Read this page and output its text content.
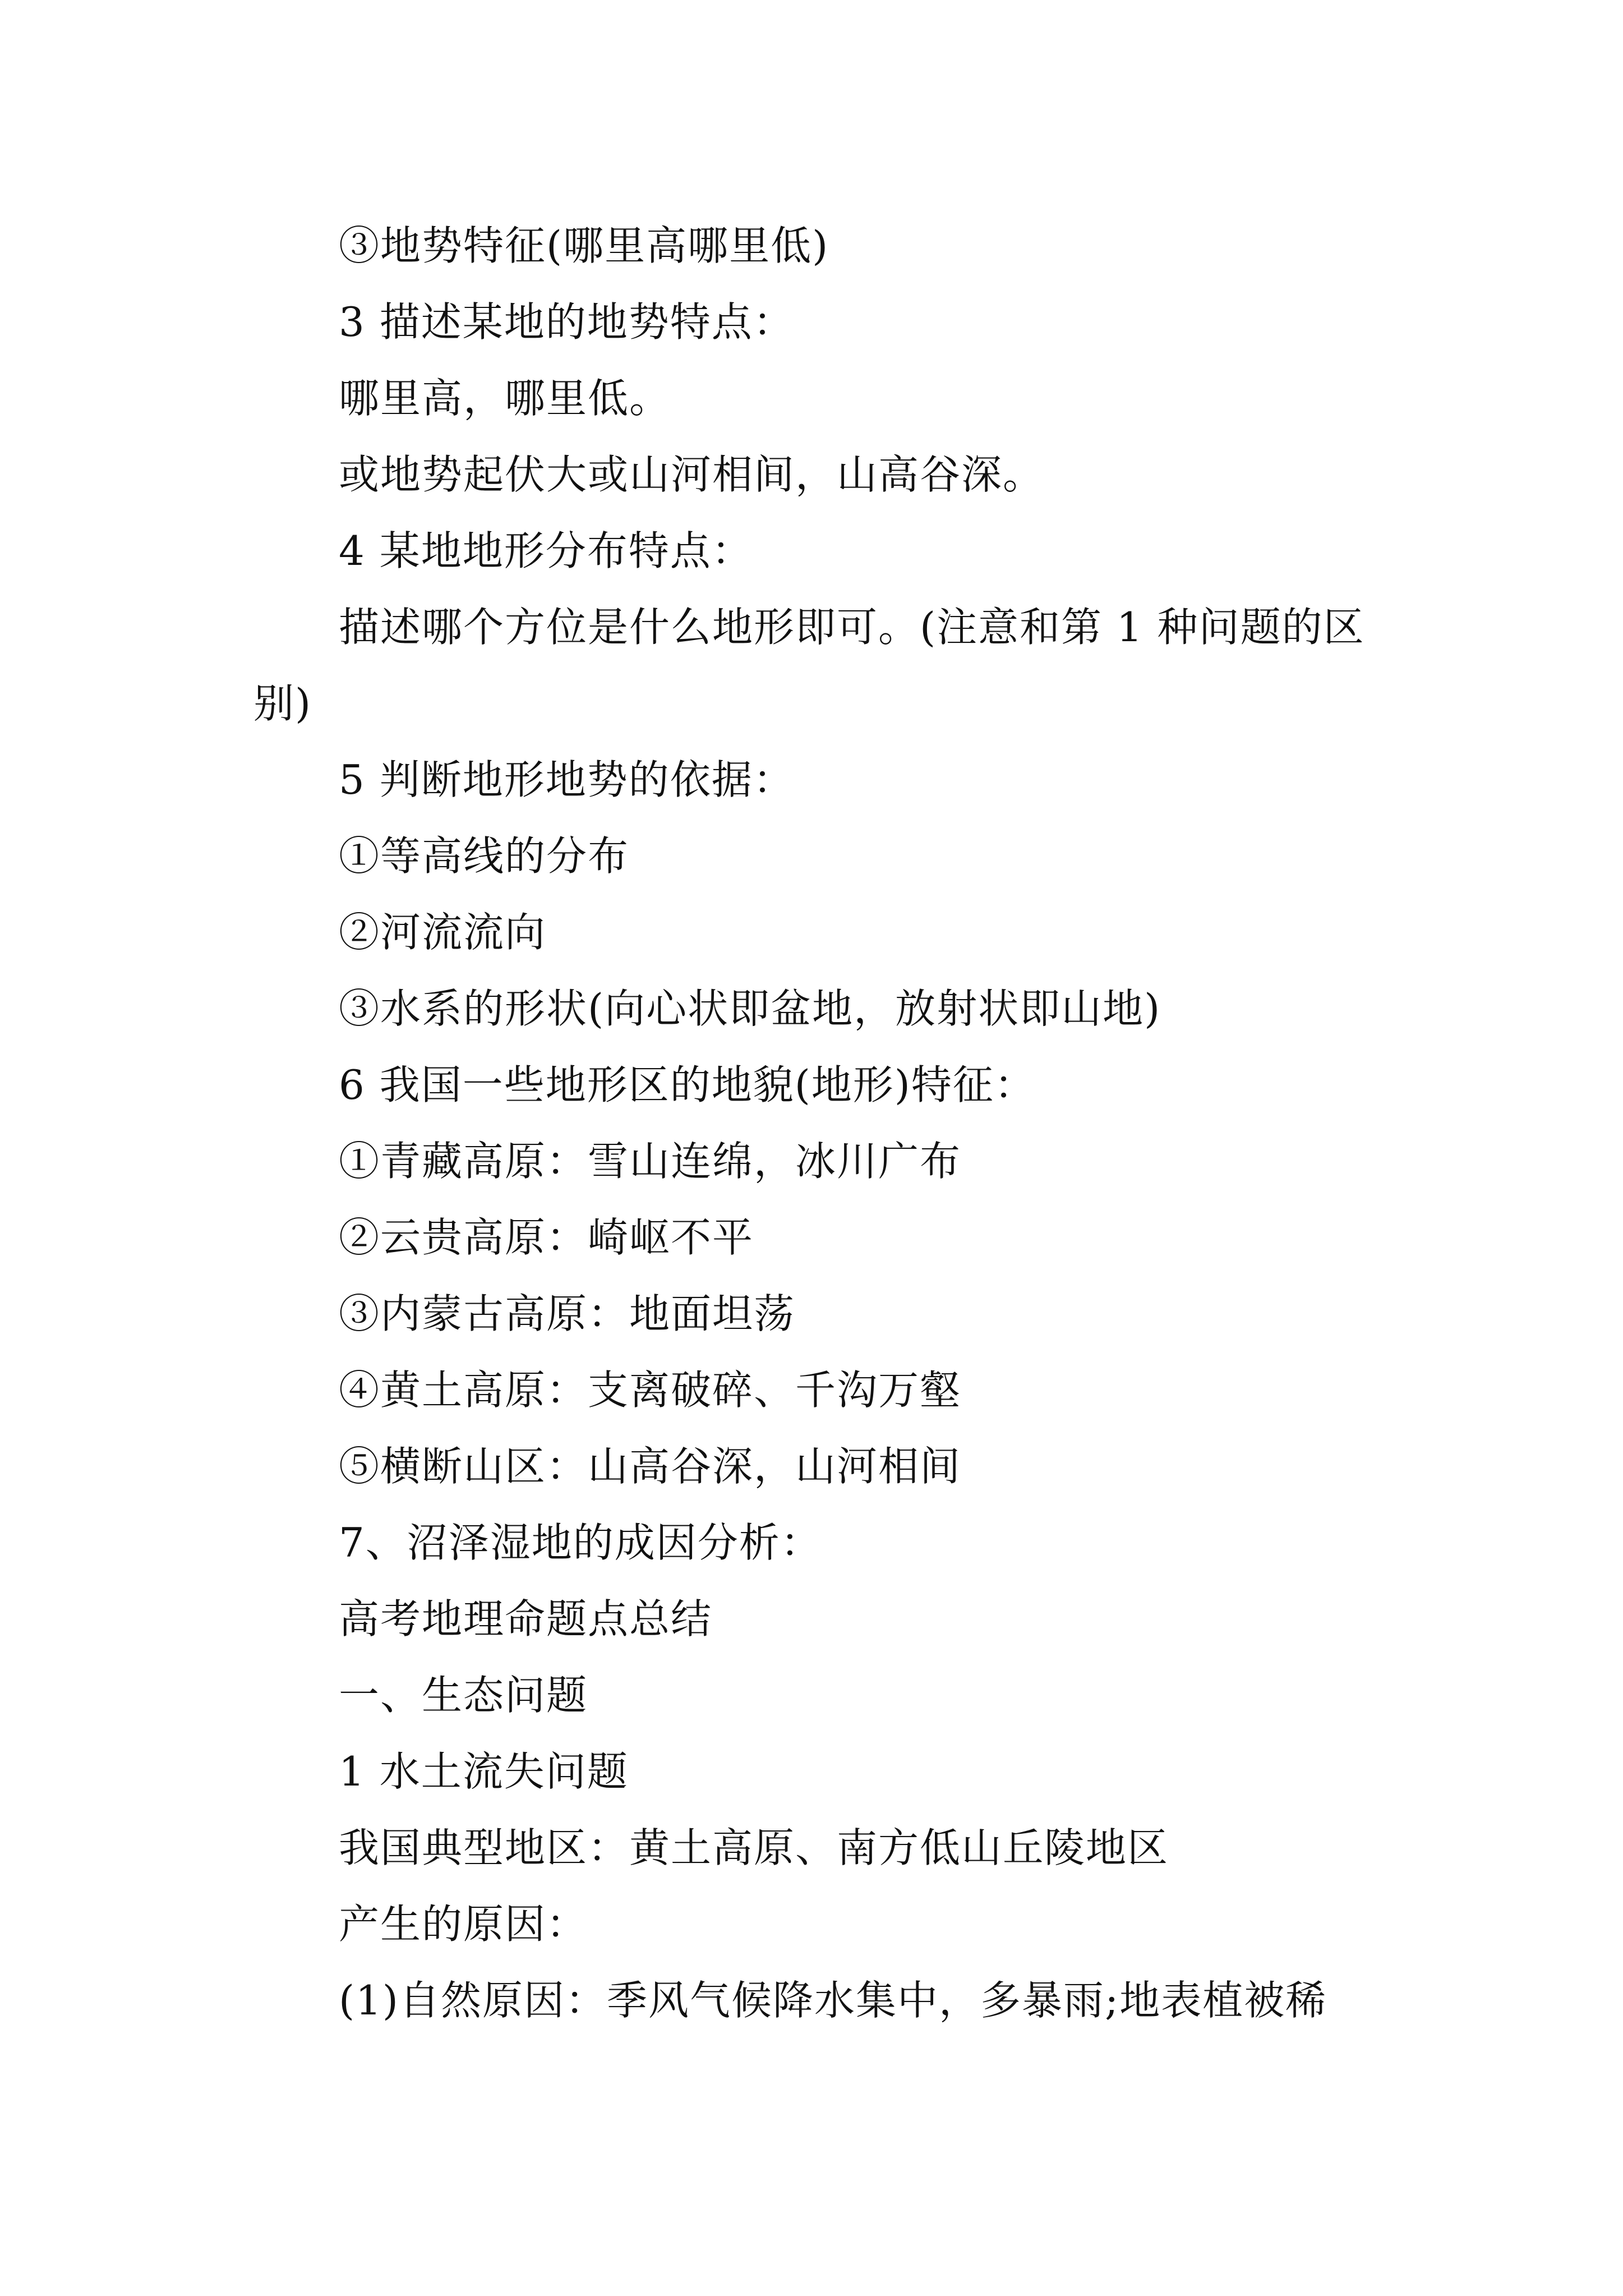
③地势特征(哪里高哪里低)

3 描述某地的地势特点：

哪里高，哪里低。

或地势起伏大或山河相间，山高谷深。

4 某地地形分布特点：

描述哪个方位是什么地形即可。(注意和第 1 种问题的区别)

5 判断地形地势的依据：

①等高线的分布

②河流流向

③水系的形状(向心状即盆地，放射状即山地)

6 我国一些地形区的地貌(地形)特征：

①青藏高原：雪山连绵，冰川广布

②云贵高原：崎岖不平

③内蒙古高原：地面坦荡

④黄土高原：支离破碎、千沟万壑

⑤横断山区：山高谷深，山河相间

7、沼泽湿地的成因分析：

高考地理命题点总结

一、生态问题

1 水土流失问题

我国典型地区：黄土高原、南方低山丘陵地区

产生的原因：

(1)自然原因：季风气候降水集中，多暴雨;地表植被稀
